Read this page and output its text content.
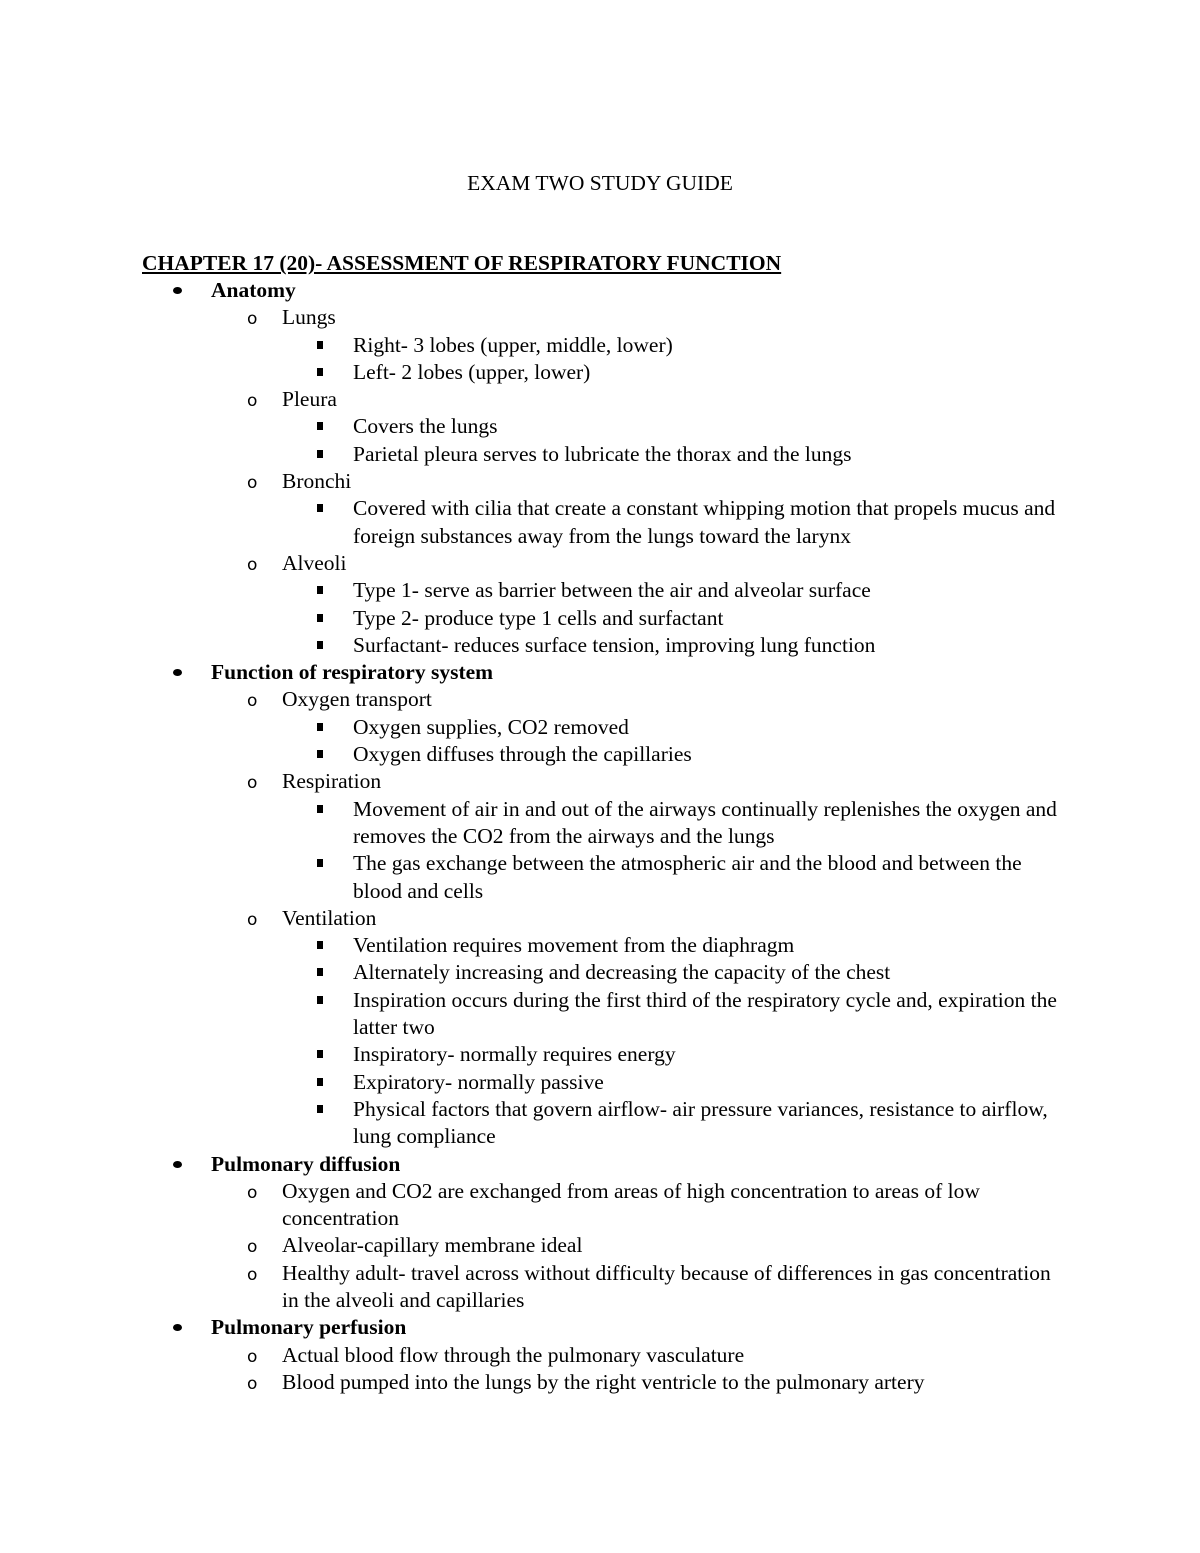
EXAM TWO STUDY GUIDE
CHAPTER 17 (20)- ASSESSMENT OF RESPIRATORY FUNCTION
Anatomy
o Lungs
Right- 3 lobes (upper, middle, lower)
Left- 2 lobes (upper, lower)
o Pleura
Covers the lungs
Parietal pleura serves to lubricate the thorax and the lungs
o Bronchi
Covered with cilia that create a constant whipping motion that propels mucus and foreign substances away from the lungs toward the larynx
o Alveoli
Type 1- serve as barrier between the air and alveolar surface
Type 2- produce type 1 cells and surfactant
Surfactant- reduces surface tension, improving lung function
Function of respiratory system
o Oxygen transport
Oxygen supplies, CO2 removed
Oxygen diffuses through the capillaries
o Respiration
Movement of air in and out of the airways continually replenishes the oxygen and removes the CO2 from the airways and the lungs
The gas exchange between the atmospheric air and the blood and between the blood and cells
o Ventilation
Ventilation requires movement from the diaphragm
Alternately increasing and decreasing the capacity of the chest
Inspiration occurs during the first third of the respiratory cycle and, expiration the latter two
Inspiratory- normally requires energy
Expiratory- normally passive
Physical factors that govern airflow- air pressure variances, resistance to airflow, lung compliance
Pulmonary diffusion
o Oxygen and CO2 are exchanged from areas of high concentration to areas of low concentration
o Alveolar-capillary membrane ideal
o Healthy adult- travel across without difficulty because of differences in gas concentration in the alveoli and capillaries
Pulmonary perfusion
o Actual blood flow through the pulmonary vasculature
o Blood pumped into the lungs by the right ventricle to the pulmonary artery
